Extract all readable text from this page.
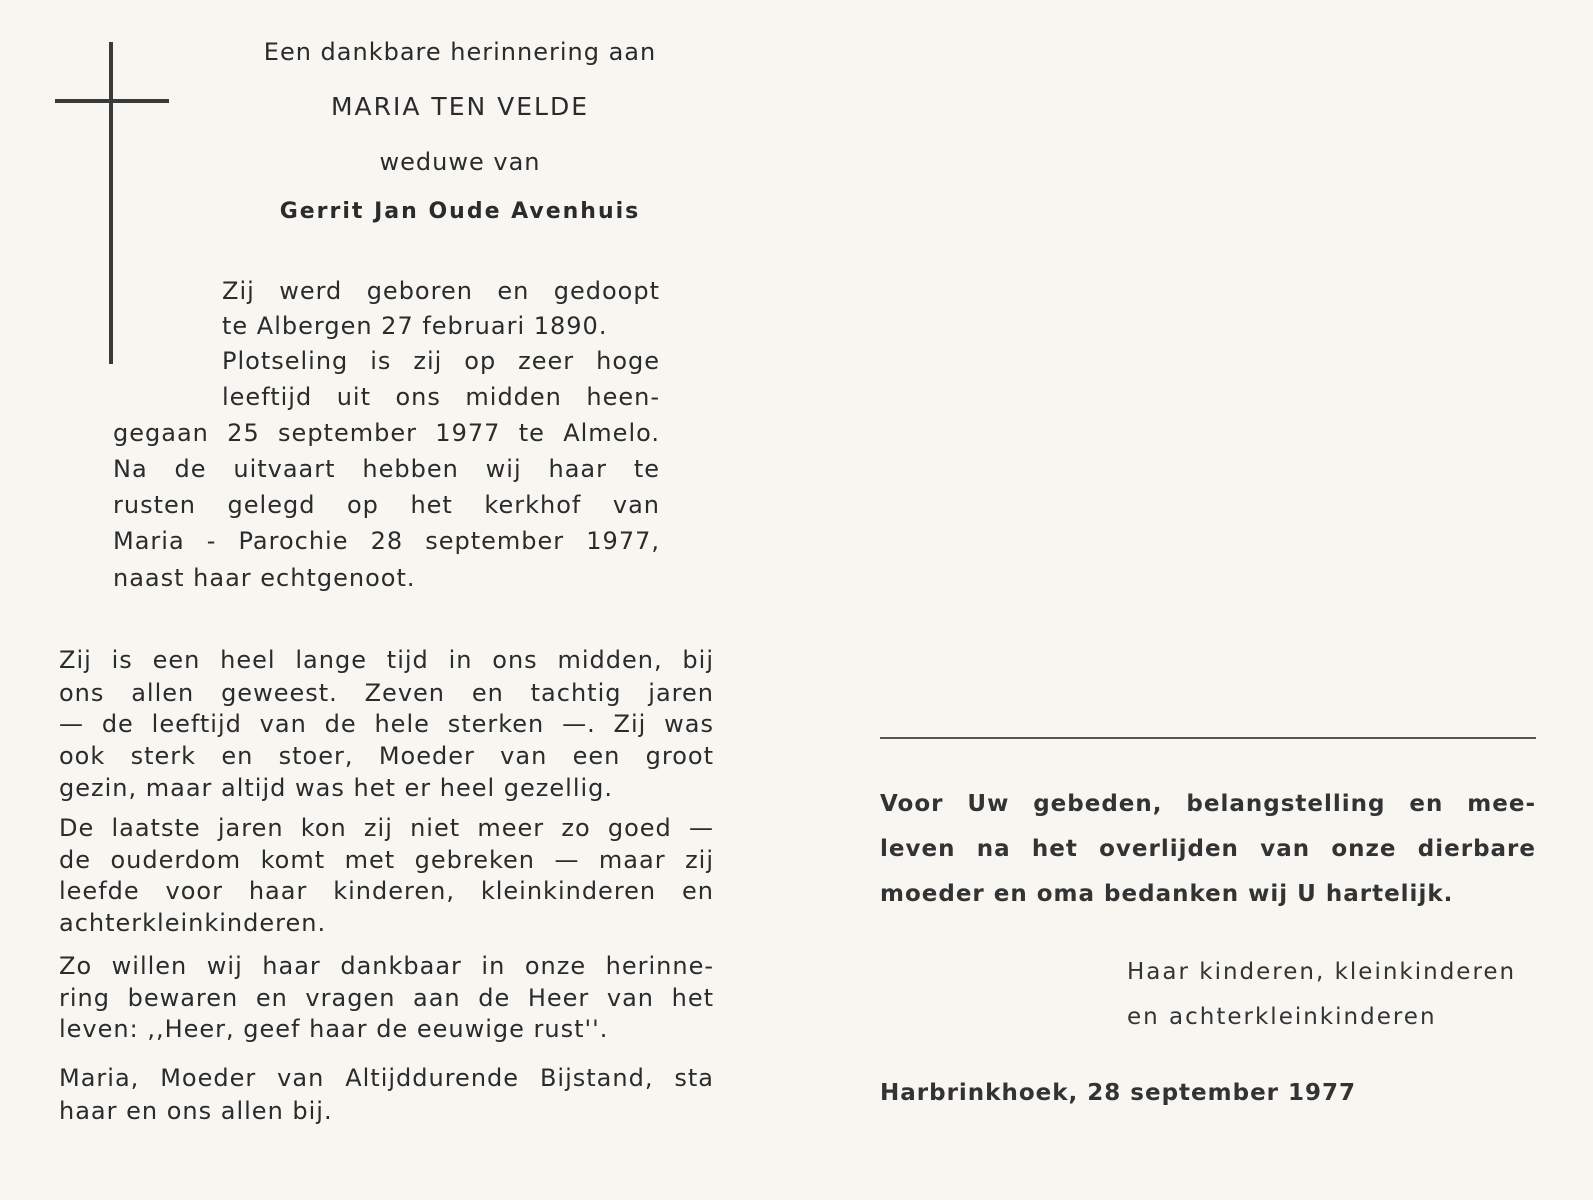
Een dankbare herinnering aan
MARIA TEN VELDE
weduwe van
Gerrit Jan Oude Avenhuis
Zij werd geboren en gedoopt
te Albergen 27 februari 1890.
Plotseling is zij op zeer hoge
leeftijd uit ons midden heen-
gegaan 25 september 1977 te Almelo.
Na de uitvaart hebben wij haar te
rusten gelegd op het kerkhof van
Maria - Parochie 28 september 1977,
naast haar echtgenoot.
Zij is een heel lange tijd in ons midden, bij
ons allen geweest. Zeven en tachtig jaren
— de leeftijd van de hele sterken —. Zij was
ook sterk en stoer, Moeder van een groot
gezin, maar altijd was het er heel gezellig.
De laatste jaren kon zij niet meer zo goed —
de ouderdom komt met gebreken — maar zij
leefde voor haar kinderen, kleinkinderen en
achterkleinkinderen.
Zo willen wij haar dankbaar in onze herinne-
ring bewaren en vragen aan de Heer van het
leven: ,,Heer, geef haar de eeuwige rust''.
Maria, Moeder van Altijddurende Bijstand, sta
haar en ons allen bij.
Voor Uw gebeden, belangstelling en mee-
leven na het overlijden van onze dierbare
moeder en oma bedanken wij U hartelijk.
Haar kinderen, kleinkinderen
en achterkleinkinderen
Harbrinkhoek, 28 september 1977
